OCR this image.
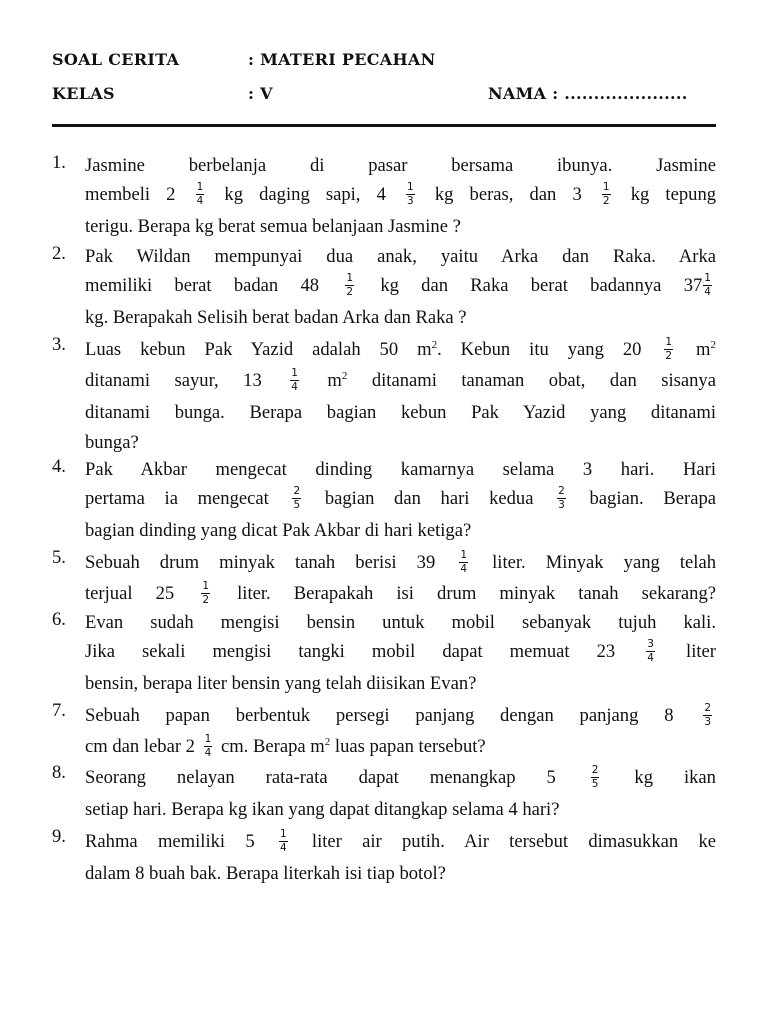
SOAL CERITA	: MATERI PECAHAN
KELAS	: V	NAMA : .....................
1. Jasmine berbelanja di pasar bersama ibunya. Jasmine
membeli $2 \frac{1}{4}$ kg daging sapi, $4 \frac{1}{3}$ kg beras, dan $3 \frac{1}{2}$ kg tepung
terigu. Berapa kg berat semua belanjaan Jasmine ?
2. Pak Wildan mempunyai dua anak, yaitu Arka dan Raka. Arka
memiliki berat badan 48	$\frac{1}{2}$ kg dan Raka berat badannya $37 \frac{1}{4}$
kg. Berapakah Selisih berat badan Arka dan Raka ?
3. Luas kebun Pak Yazid adalah 50 $m^2$. Kebun itu yang $20 \frac{1}{2} m^2$
ditanami sayur, 13	$\frac{1}{4} m^2$ ditanami tanaman obat, dan sisanya
ditanami bunga. Berapa bagian kebun Pak Yazid yang ditanami
bunga?
4. Pak Akbar mengecat dinding kamarnya selama 3 hari. Hari
pertama ia mengecat $\frac{2}{5}$ bagian dan hari kedua $\frac{2}{3}$ bagian. Berapa
bagian dinding yang dicat Pak Akbar di hari ketiga?
5. Sebuah drum minyak tanah berisi $39 \frac{1}{4}$ liter. Minyak yang telah
terjual 25	$\frac{1}{2}$ liter. Berapakah isi drum minyak tanah sekarang?
6. Evan sudah mengisi bensin untuk mobil sebanyak tujuh kali.
Jika sekali mengisi tangki mobil dapat memuat 23	$\frac{3}{4}$ liter
bensin, berapa liter bensin yang telah diisikan Evan?
7. Sebuah papan berbentuk persegi panjang dengan panjang 8	$\frac{2}{3}$
cm dan lebar $2 \frac{1}{4}$ cm. Berapa $m^2$ luas papan tersebut?
8. Seorang nelayan rata-rata dapat menangkap 5	$\frac{2}{5}$ kg ikan
setiap hari. Berapa kg ikan yang dapat ditangkap selama 4 hari?
9. Rahma memiliki $5 \frac{1}{4}$ liter air putih. Air tersebut dimasukkan ke
dalam 8 buah bak. Berapa literkah isi tiap botol?
